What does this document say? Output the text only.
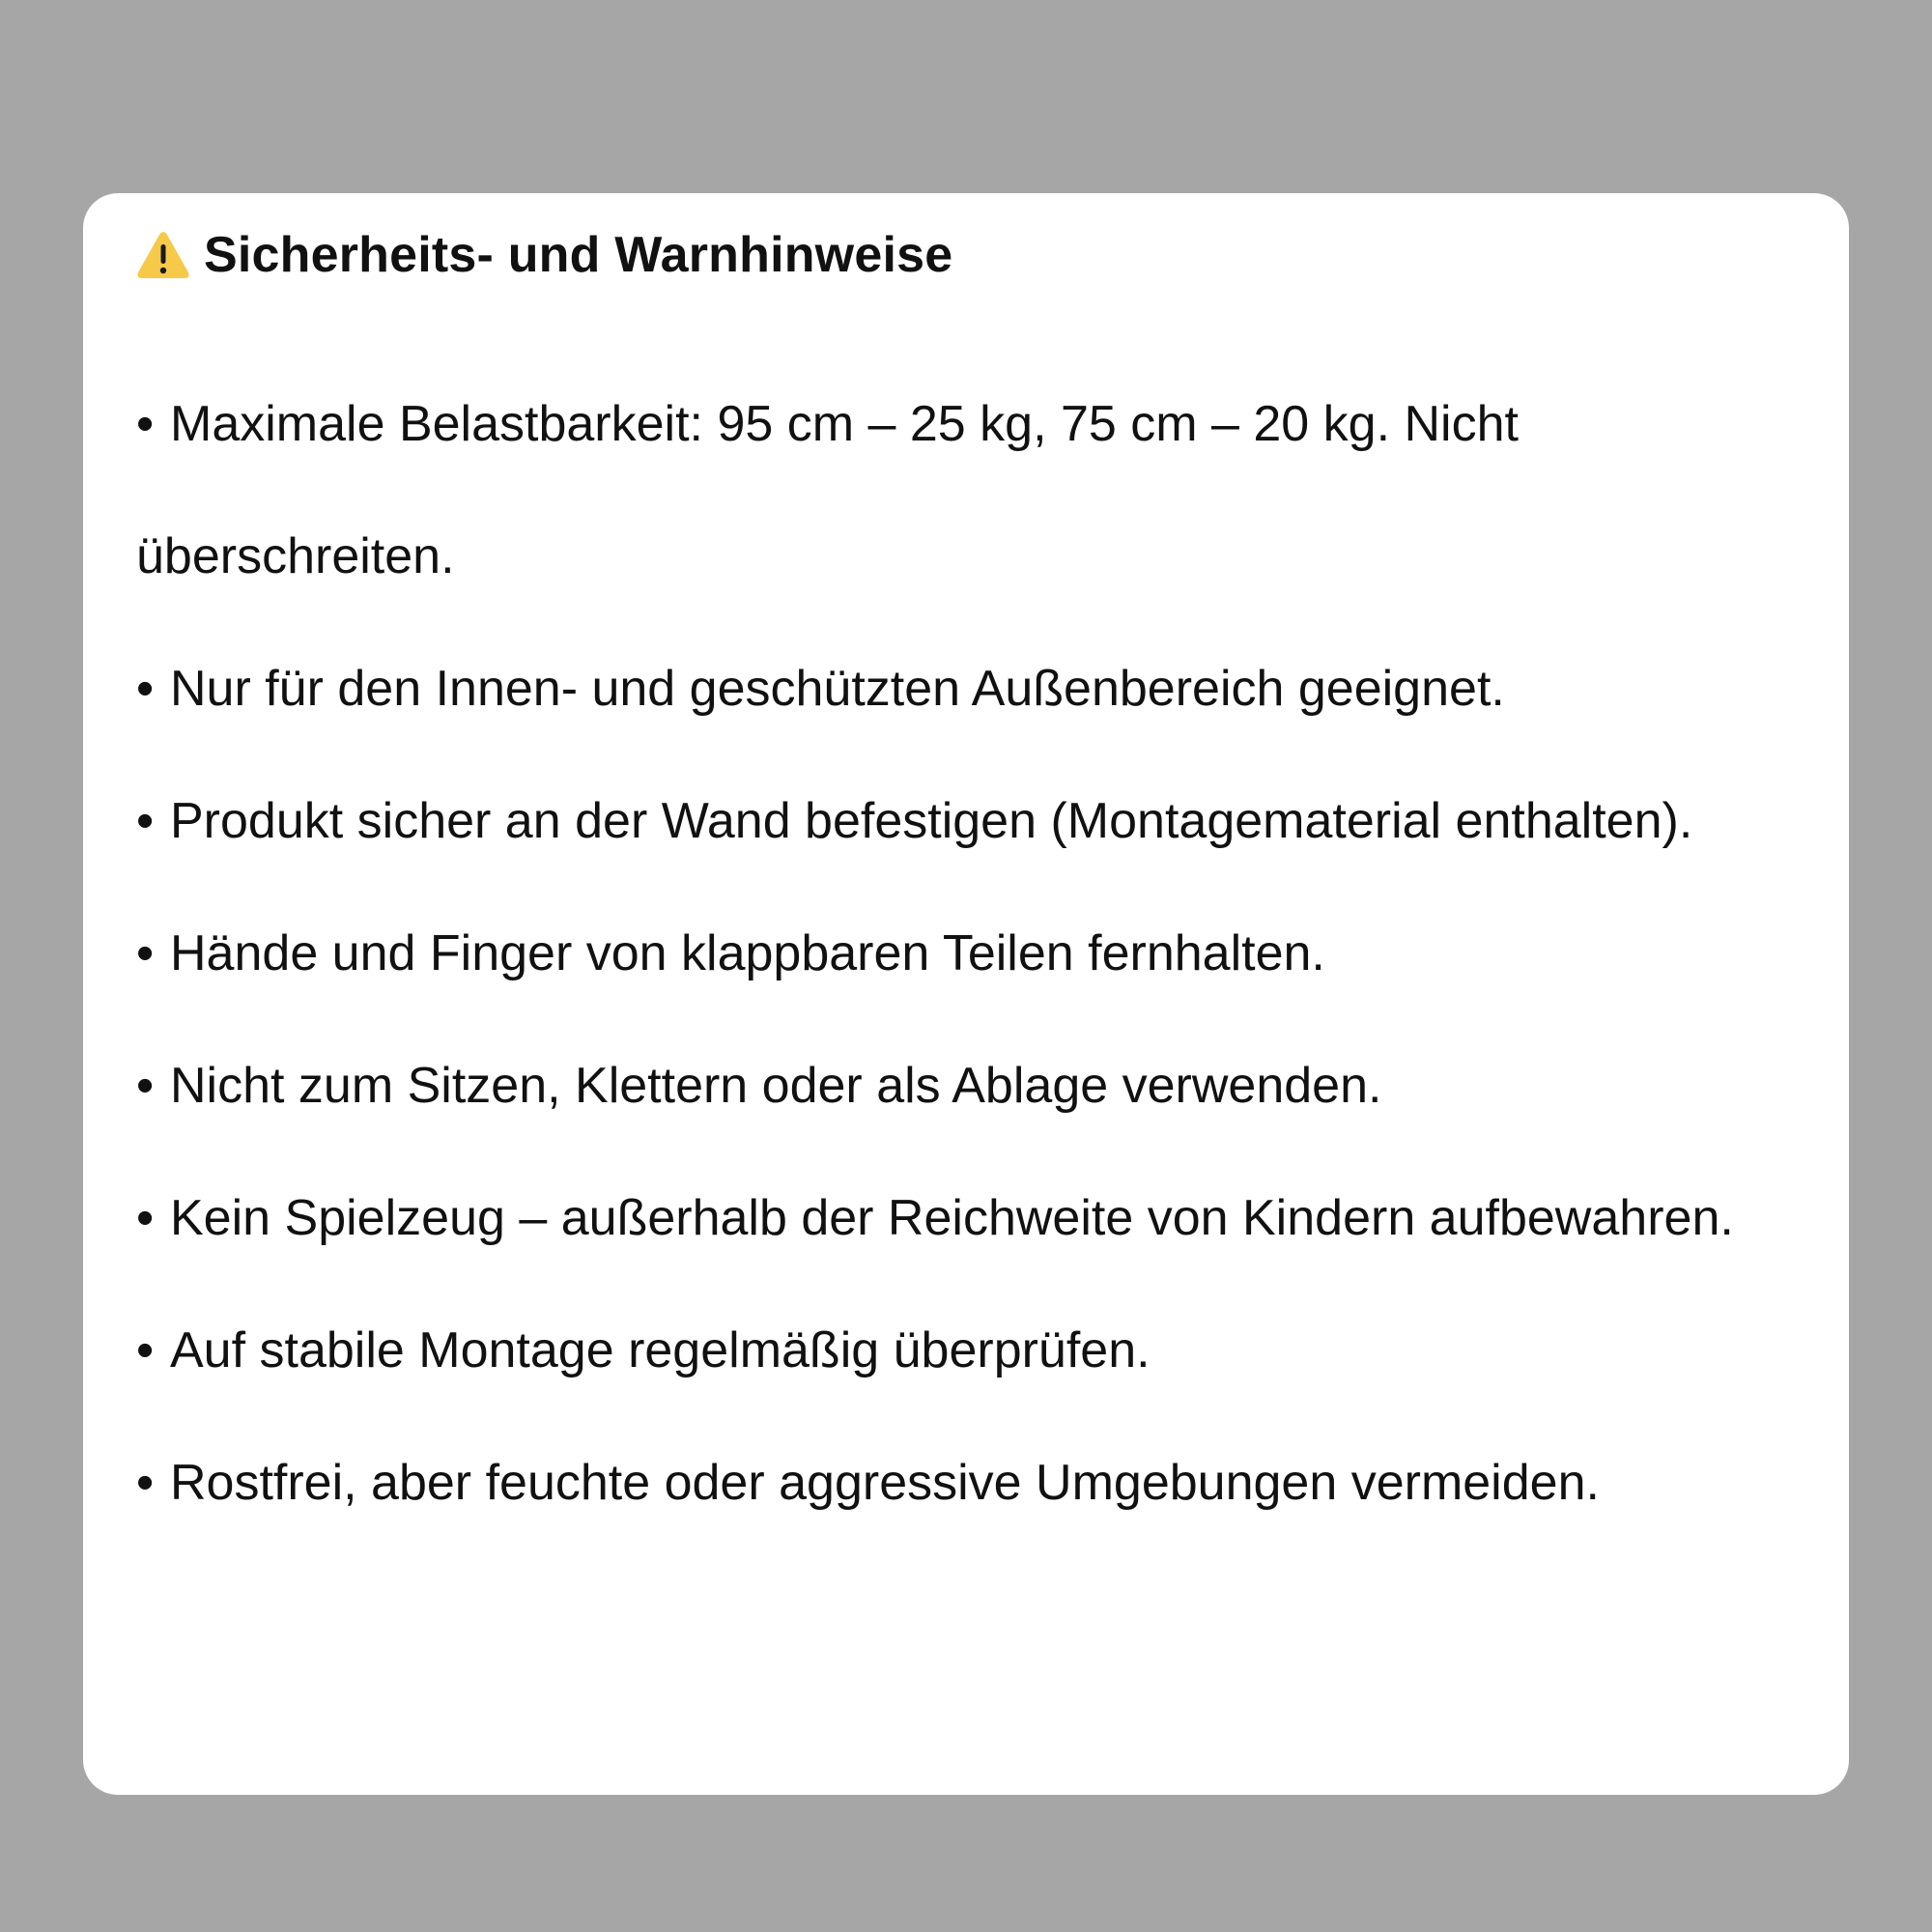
Sicherheits- und Warnhinweise
• Maximale Belastbarkeit: 95 cm – 25 kg, 75 cm – 20 kg. Nicht
überschreiten.
• Nur für den Innen- und geschützten Außenbereich geeignet.
• Produkt sicher an der Wand befestigen (Montagematerial enthalten).
• Hände und Finger von klappbaren Teilen fernhalten.
• Nicht zum Sitzen, Klettern oder als Ablage verwenden.
• Kein Spielzeug – außerhalb der Reichweite von Kindern aufbewahren.
• Auf stabile Montage regelmäßig überprüfen.
• Rostfrei, aber feuchte oder aggressive Umgebungen vermeiden.
